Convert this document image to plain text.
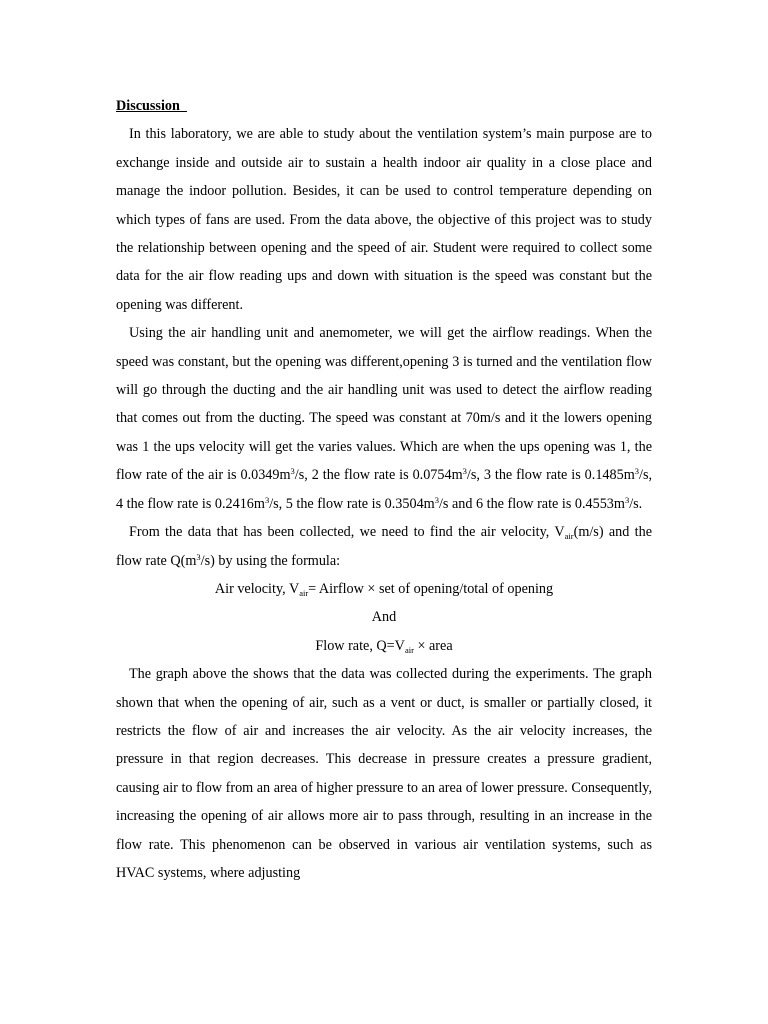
Discussion

In this laboratory, we are able to study about the ventilation system’s main purpose are to exchange inside and outside air to sustain a health indoor air quality in a close place and manage the indoor pollution. Besides, it can be used to control temperature depending on which types of fans are used. From the data above, the objective of this project was to study the relationship between opening and the speed of air. Student were required to collect some data for the air flow reading ups and down with situation is the speed was constant but the opening was different.

Using the air handling unit and anemometer, we will get the airflow readings. When the speed was constant, but the opening was different,opening 3 is turned and the ventilation flow will go through the ducting and the air handling unit was used to detect the airflow reading that comes out from the ducting. The speed was constant at 70m/s and it the lowers opening was 1 the ups velocity will get the varies values. Which are when the ups opening was 1, the flow rate of the air is $0.0349m^3/s$, 2 the flow rate is $0.0754m^3/s$, 3 the flow rate is $0.1485m^3/s$, 4 the flow rate is $0.2416m^3/s$, 5 the flow rate is $0.3504m^3/s$ and 6 the flow rate is $0.4553m^3/s$.

From the data that has been collected, we need to find the air velocity, $V_{air}(m/s)$ and the flow rate $Q(m^3/s)$ by using the formula:

Air velocity, $V_{air}=$ Airflow × set of opening/total of opening

And

Flow rate, $Q=V_{air}$ × area

The graph above the shows that the data was collected during the experiments. The graph shown that when the opening of air, such as a vent or duct, is smaller or partially closed, it restricts the flow of air and increases the air velocity. As the air velocity increases, the pressure in that region decreases. This decrease in pressure creates a pressure gradient, causing air to flow from an area of higher pressure to an area of lower pressure. Consequently, increasing the opening of air allows more air to pass through, resulting in an increase in the flow rate. This phenomenon can be observed in various air ventilation systems, such as HVAC systems, where adjusting
